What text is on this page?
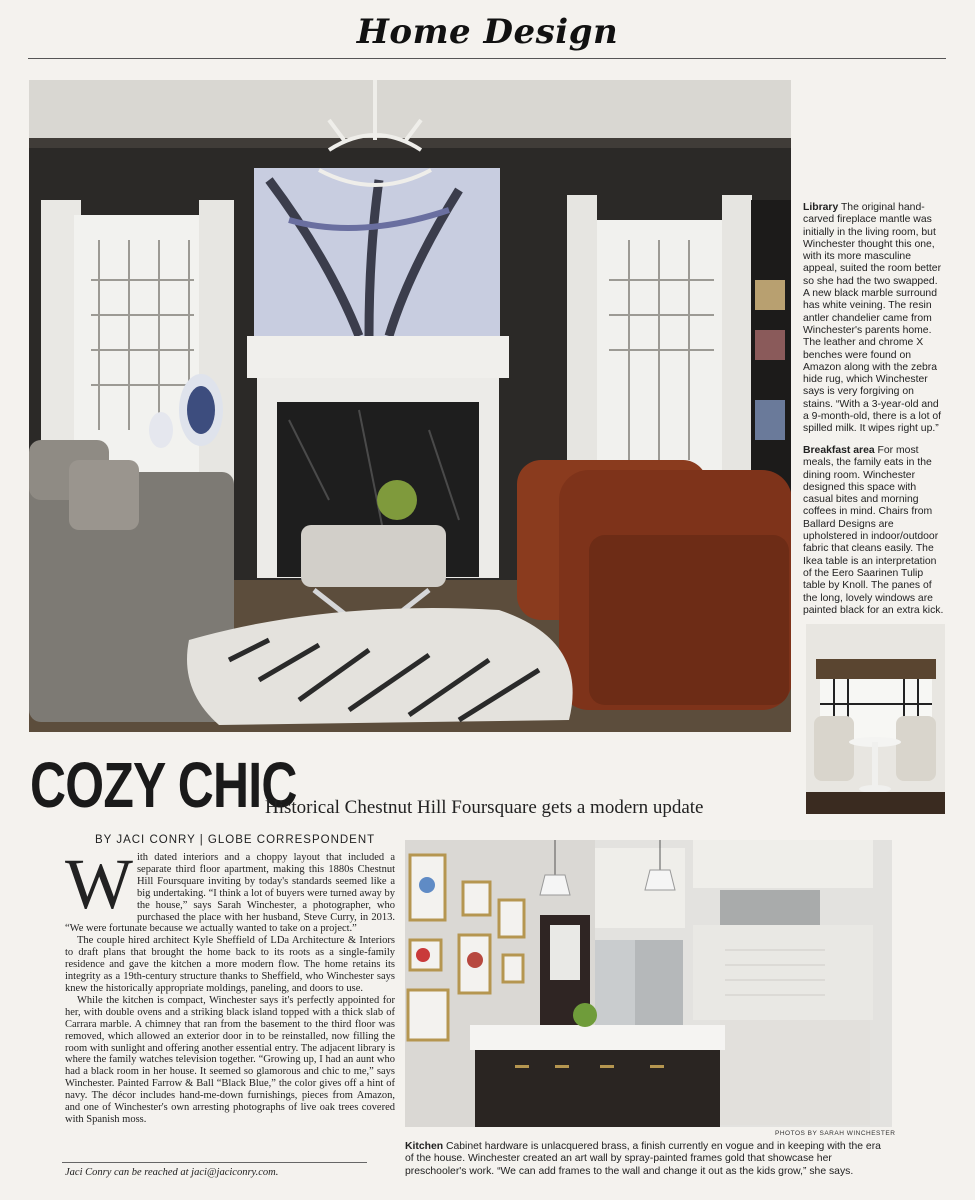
Home Design
Library The original hand-carved fireplace mantle was initially in the living room, but Winchester thought this one, with its more masculine appeal, suited the room better so she had the two swapped. A new black marble surround has white veining. The resin antler chandelier came from Winchester's parents home. The leather and chrome X benches were found on Amazon along with the zebra hide rug, which Winchester says is very forgiving on stains. “With a 3-year-old and a 9-month-old, there is a lot of spilled milk. It wipes right up.”
Breakfast area For most meals, the family eats in the dining room. Winchester designed this space with casual bites and morning coffees in mind. Chairs from Ballard Designs are upholstered in indoor/outdoor fabric that cleans easily. The Ikea table is an interpretation of the Eero Saarinen Tulip table by Knoll. The panes of the long, lovely windows are painted black for an extra kick.
COZY CHIC
Historical Chestnut Hill Foursquare gets a modern update
BY JACI CONRY | GLOBE CORRESPONDENT

With dated interiors and a choppy layout that included a separate third floor apartment, making this 1880s Chestnut Hill Foursquare inviting by today's standards seemed like a big undertaking. “I think a lot of buyers were turned away by the house,” says Sarah Winchester, a photographer, who purchased the place with her husband, Steve Curry, in 2013. “We were fortunate because we actually wanted to take on a project.”

The couple hired architect Kyle Sheffield of LDa Architecture & Interiors to draft plans that brought the home back to its roots as a single-family residence and gave the kitchen a more modern flow. The home retains its integrity as a 19th-century structure thanks to Sheffield, who Winchester says knew the historically appropriate moldings, paneling, and doors to use.

While the kitchen is compact, Winchester says it's perfectly appointed for her, with double ovens and a striking black island topped with a thick slab of Carrara marble. A chimney that ran from the basement to the third floor was removed, which allowed an exterior door in to be reinstalled, now filling the room with sunlight and offering another essential entry. The adjacent library is where the family watches television together. “Growing up, I had an aunt who had a black room in her house. It seemed so glamorous and chic to me,” says Winchester. Painted Farrow & Ball “Black Blue,” the color gives off a hint of navy. The décor includes hand-me-down furnishings, pieces from Amazon, and one of Winchester's own arresting photographs of live oak trees covered with Spanish moss.

Jaci Conry can be reached at jaci@jaciconry.com.
PHOTOS BY SARAH WINCHESTER
Kitchen Cabinet hardware is unlacquered brass, a finish currently en vogue and in keeping with the era of the house. Winchester created an art wall by spray-painted frames gold that showcase her preschooler's work. “We can add frames to the wall and change it out as the kids grow,” she says.
